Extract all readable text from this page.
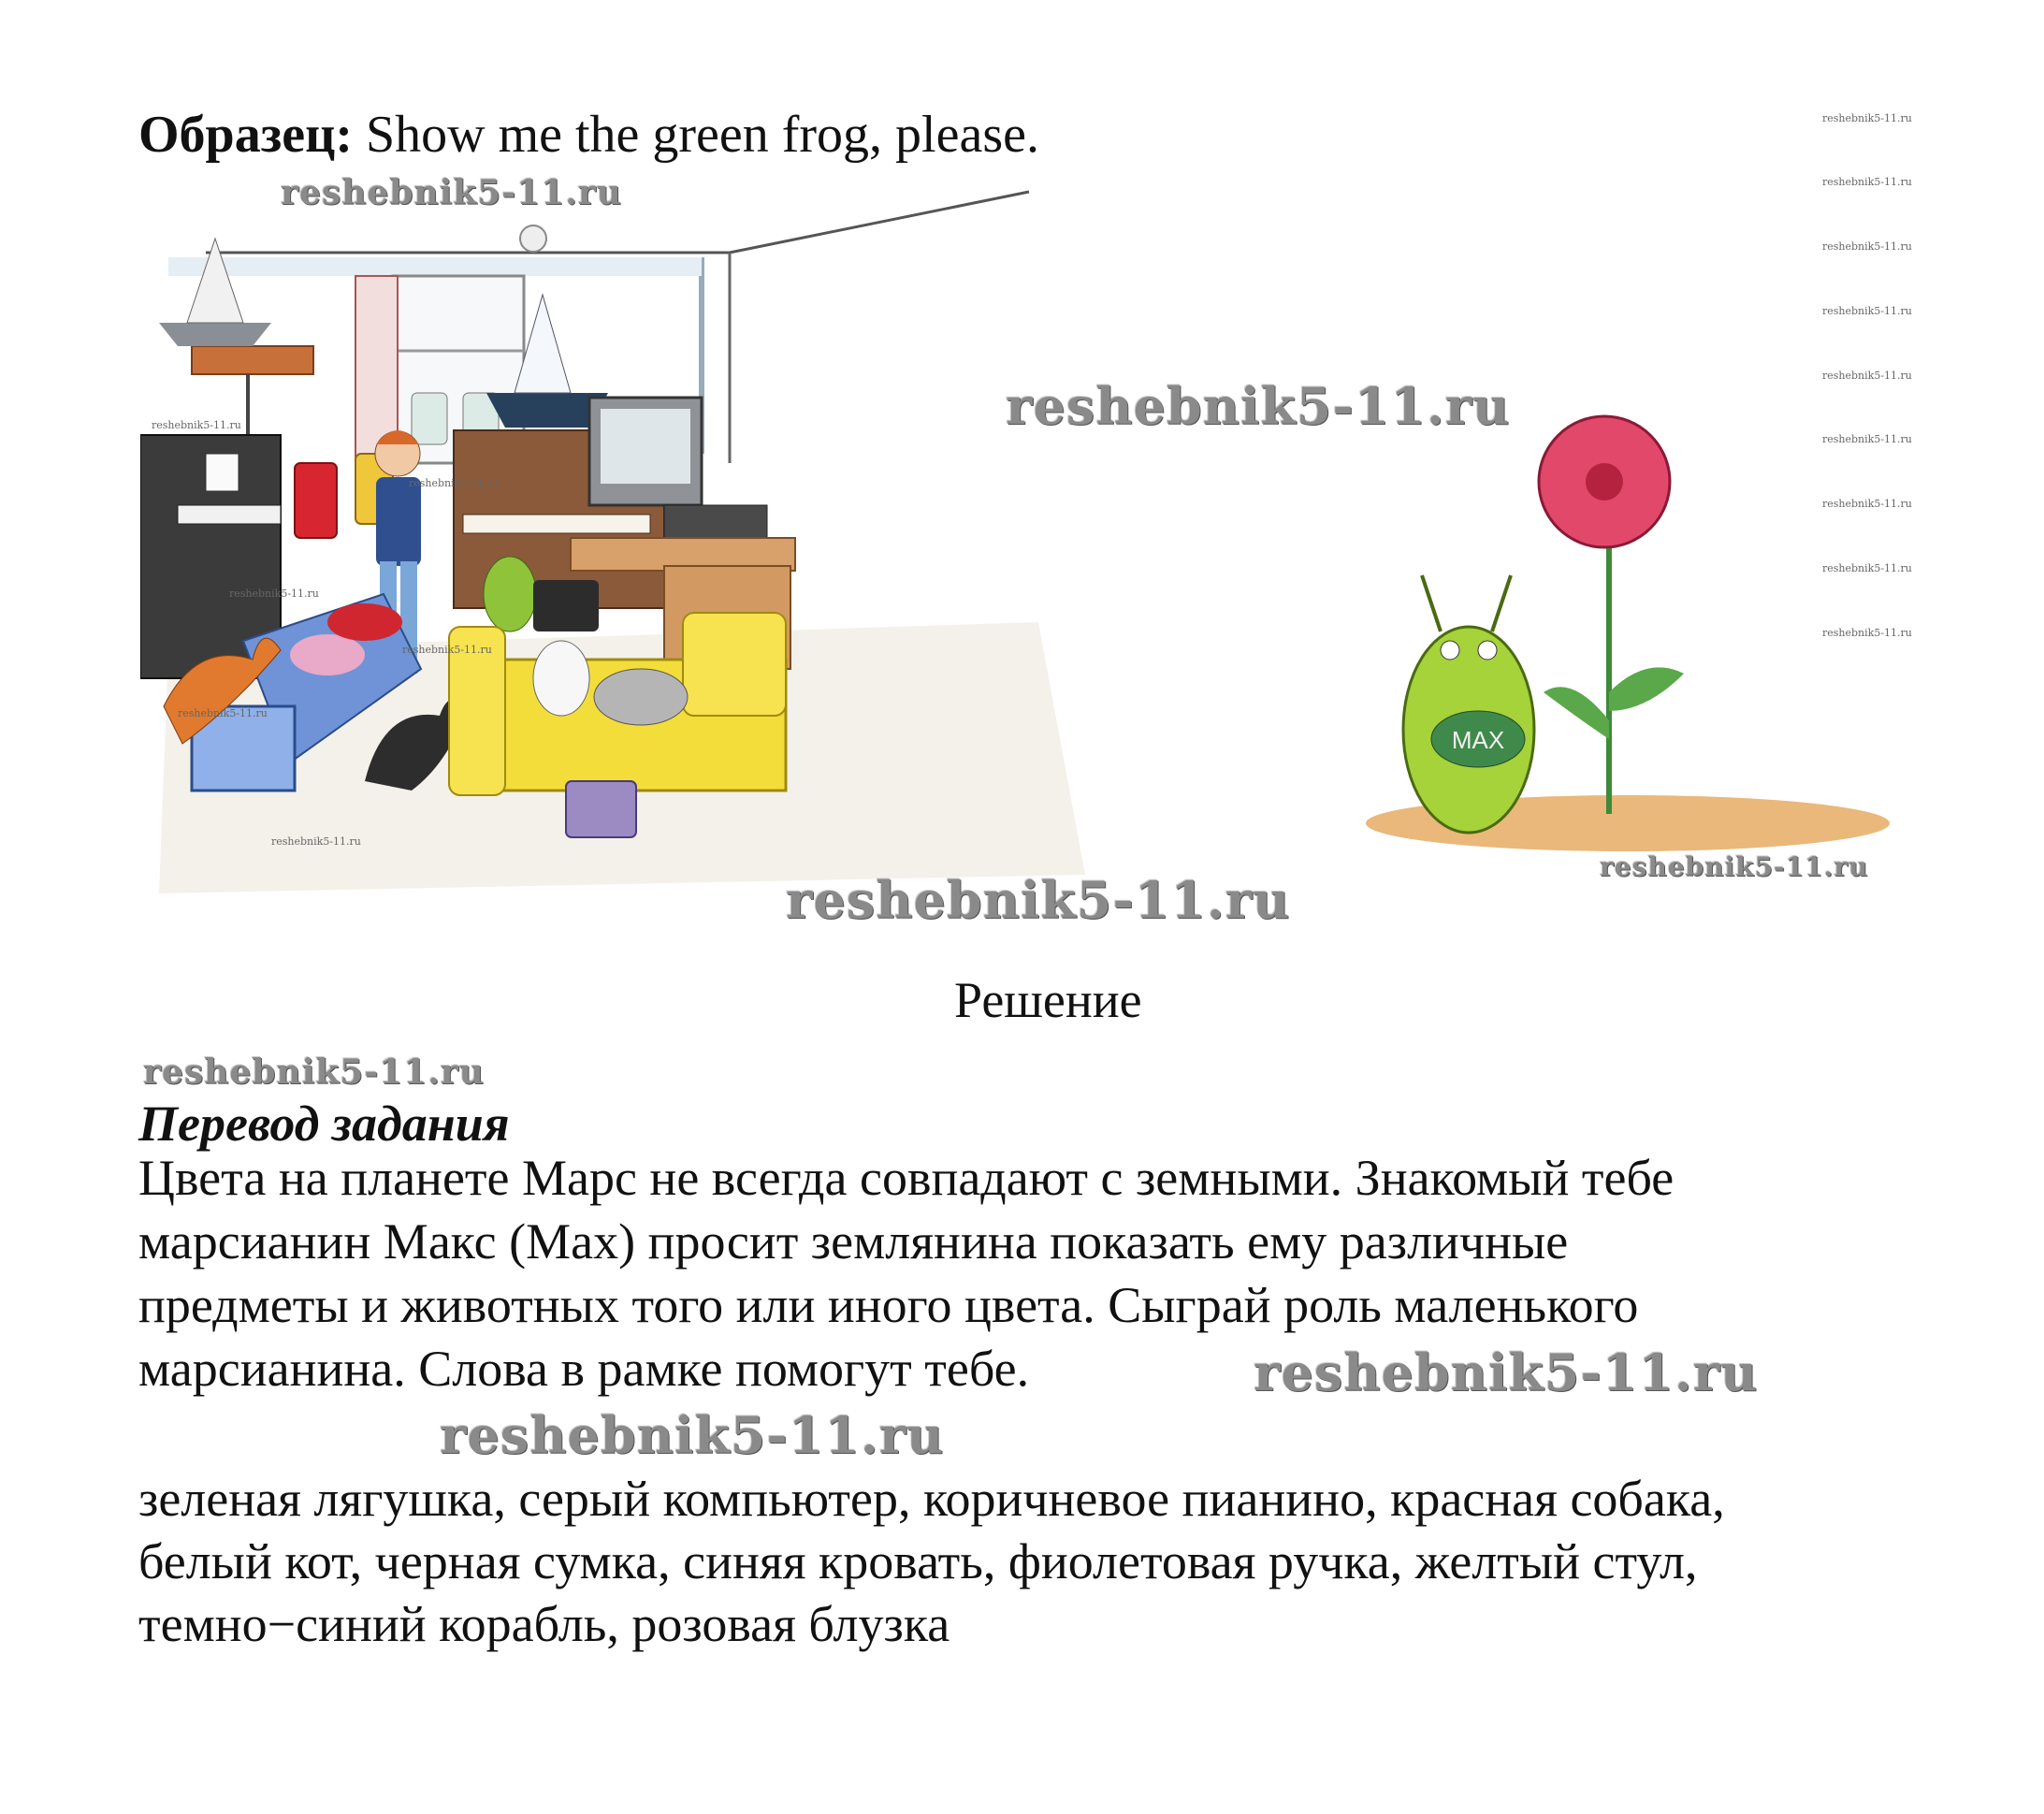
Образец: Show me the green frog, please.
MAX
reshebnik5-11.ru
reshebnik5-11.ru
reshebnik5-11.ru
reshebnik5-11.ru
reshebnik5-11.ru
reshebnik5-11.ru
reshebnik5-11.ru
reshebnik5-11.ru
reshebnik5-11.ru
reshebnik5-11.ru
reshebnik5-11.ru
reshebnik5-11.ru
reshebnik5-11.ru
reshebnik5-11.ru
reshebnik5-11.ru
reshebnik5-11.ru
reshebnik5-11.ru
reshebnik5-11.ru
reshebnik5-11.ru
reshebnik5-11.ru
reshebnik5-11.ru
reshebnik5-11.ru
Решение
Перевод задания
Цвета на планете Марс не всегда совпадают с земными. Знакомый тебе
марсианин Макс (Max) просит землянина показать ему различные
предметы и животных того или иного цвета. Сыграй роль маленького
марсианина. Слова в рамке помогут тебе.
зеленая лягушка, серый компьютер, коричневое пианино, красная собака,
белый кот, черная сумка, синяя кровать, фиолетовая ручка, желтый стул,
темно−синий корабль, розовая блузка
